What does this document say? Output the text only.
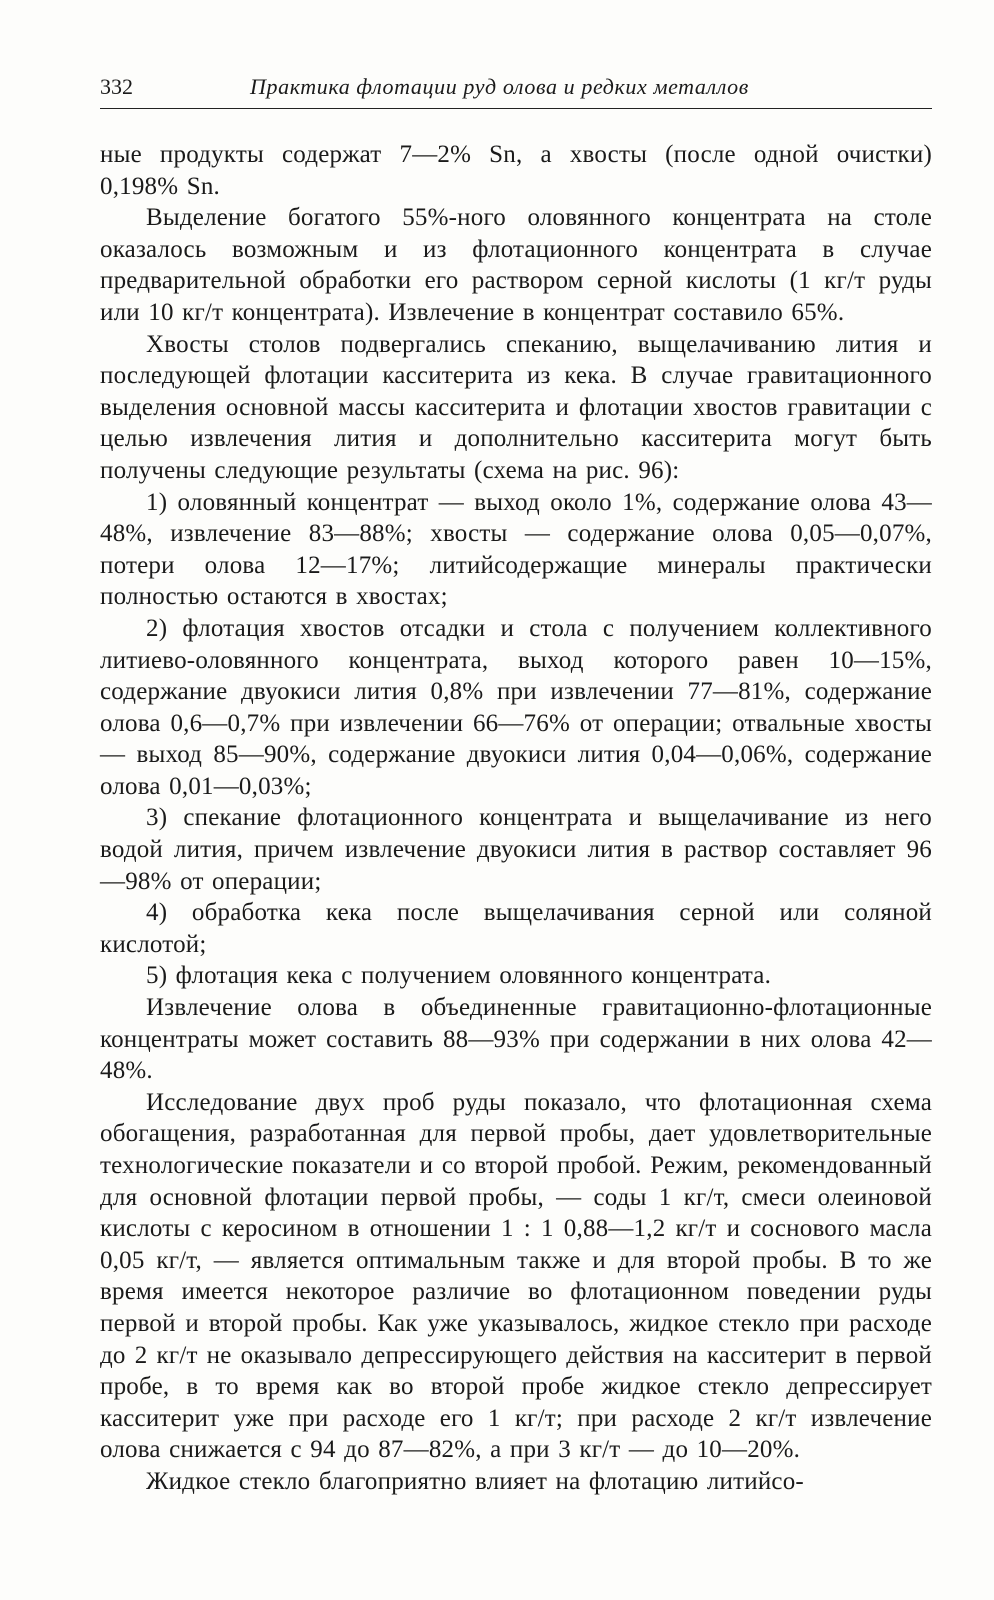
332	Практика флотации руд олова и редких металлов

ные продукты содержат 7—2% Sn, а хвосты (после одной очистки) 0,198% Sn.

Выделение богатого 55%-ного оловянного концентрата на столе оказалось возможным и из флотационного концентрата в случае предварительной обработки его раствором серной кислоты (1 кг/т руды или 10 кг/т концентрата). Извлечение в концентрат составило 65%.

Хвосты столов подвергались спеканию, выщелачиванию лития и последующей флотации касситерита из кека. В случае гравитационного выделения основной массы касситерита и флотации хвостов гравитации с целью извлечения лития и дополнительно касситерита могут быть получены следующие результаты (схема на рис. 96):

1) оловянный концентрат — выход около 1%, содержание олова 43—48%, извлечение 83—88%; хвосты — содержание олова 0,05—0,07%, потери олова 12—17%; литийсодержащие минералы практически полностью остаются в хвостах;

2) флотация хвостов отсадки и стола с получением коллективного литиево-оловянного концентрата, выход которого равен 10—15%, содержание двуокиси лития 0,8% при извлечении 77—81%, содержание олова 0,6—0,7% при извлечении 66—76% от операции; отвальные хвосты — выход 85—90%, содержание двуокиси лития 0,04—0,06%, содержание олова 0,01—0,03%;

3) спекание флотационного концентрата и выщелачивание из него водой лития, причем извлечение двуокиси лития в раствор составляет 96—98% от операции;

4) обработка кека после выщелачивания серной или соляной кислотой;

5) флотация кека с получением оловянного концентрата.

Извлечение олова в объединенные гравитационно-флотационные концентраты может составить 88—93% при содержании в них олова 42—48%.

Исследование двух проб руды показало, что флотационная схема обогащения, разработанная для первой пробы, дает удовлетворительные технологические показатели и со второй пробой. Режим, рекомендованный для основной флотации первой пробы, — соды 1 кг/т, смеси олеиновой кислоты с керосином в отношении 1 : 1 0,88—1,2 кг/т и соснового масла 0,05 кг/т, — является оптимальным также и для второй пробы. В то же время имеется некоторое различие во флотационном поведении руды первой и второй пробы. Как уже указывалось, жидкое стекло при расходе до 2 кг/т не оказывало депрессирующего действия на касситерит в первой пробе, в то время как во второй пробе жидкое стекло депрессирует касситерит уже при расходе его 1 кг/т; при расходе 2 кг/т извлечение олова снижается с 94 до 87—82%, а при 3 кг/т — до 10—20%.

Жидкое стекло благоприятно влияет на флотацию литийсо-
